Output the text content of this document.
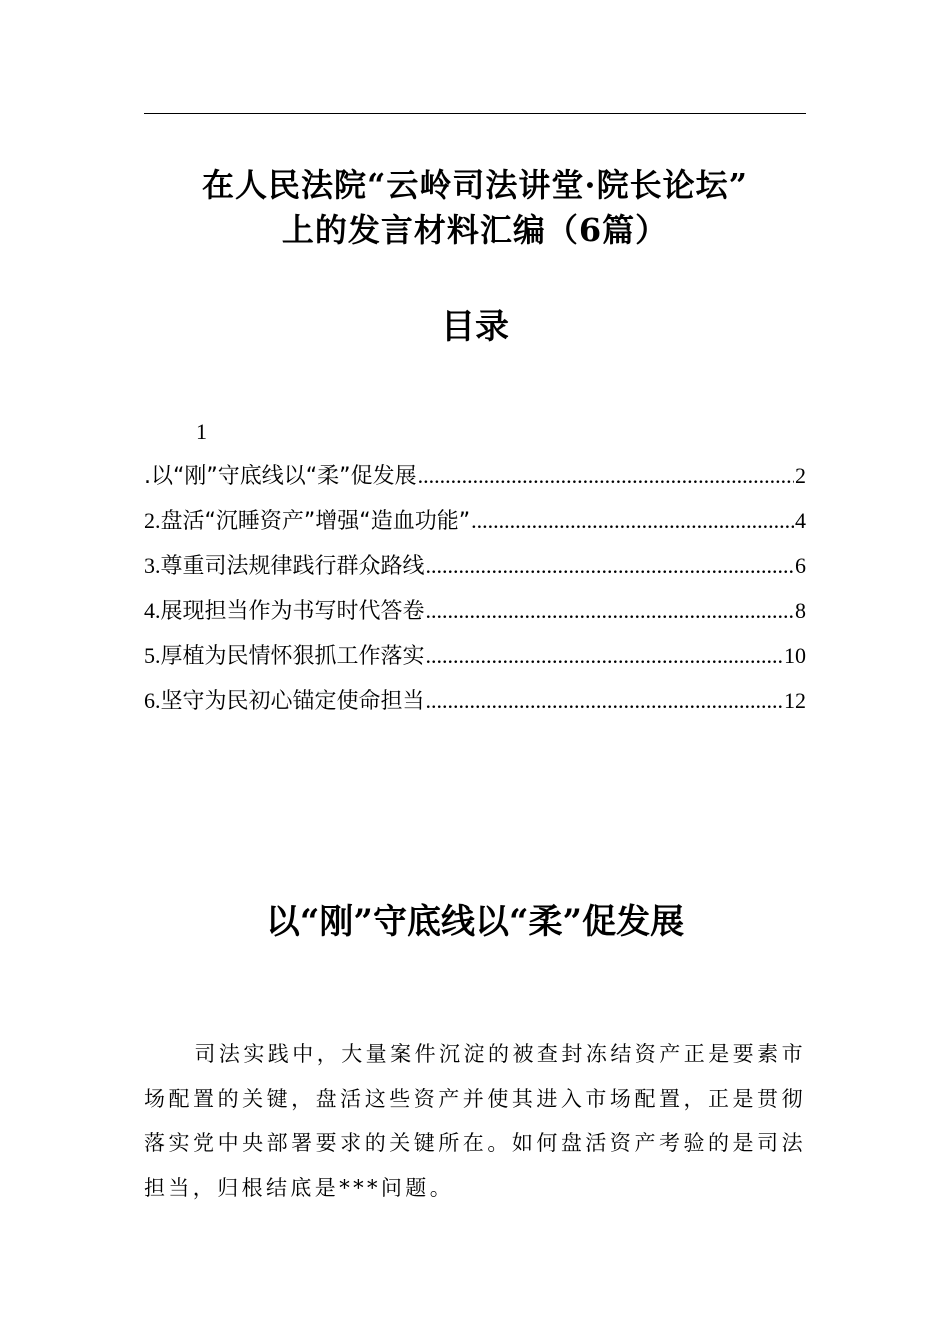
在人民法院“云岭司法讲堂·院长论坛”
上的发言材料汇编（6篇）
目录
1
.以“刚”守底线以“柔”促发展 .....	2
2. 盘活“沉睡资产”增强“造血功能” .....	4
3. 尊重司法规律践行群众路线 .....	6
4. 展现担当作为书写时代答卷 .....	8
5. 厚植为民情怀狠抓工作落实 .....	10
6. 坚守为民初心锚定使命担当 .....	12
以“刚”守底线以“柔”促发展

司法实践中，大量案件沉淀的被查封冻结资产正是要素市场配置的关键，盘活这些资产并使其进入市场配置，正是贯彻落实党中央部署要求的关键所在。如何盘活资产考验的是司法担当，归根结底是***问题。
